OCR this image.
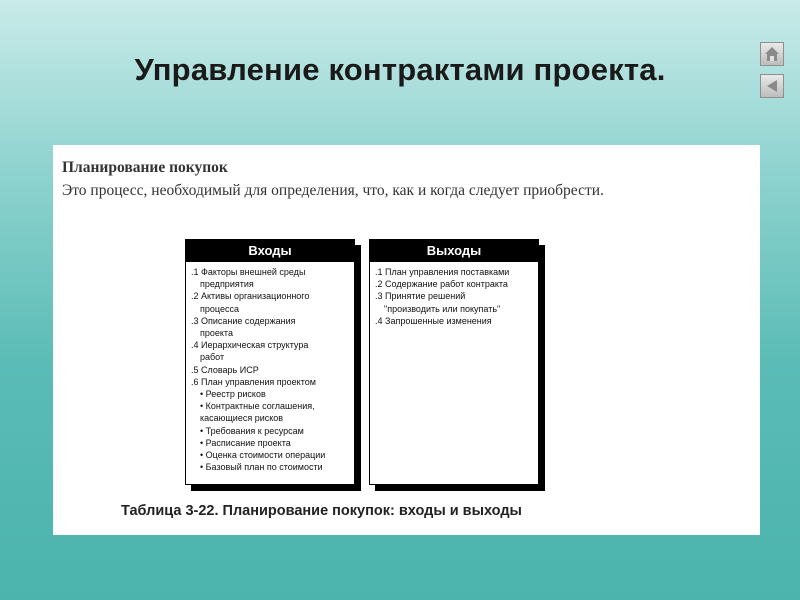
Управление контрактами проекта.
Планирование покупок
Это процесс, необходимый для определения, что, как и когда следует приобрести.
Входы
.1 Факторы внешней среды
предприятия
.2 Активы организационного
процесса
.3 Описание содержания
проекта
.4 Иерархическая структура
работ
.5 Словарь ИСР
.6 План управления проектом
• Реестр рисков
• Контрактные соглашения,
касающиеся рисков
• Требования к ресурсам
• Расписание проекта
• Оценка стоимости операции
• Базовый план по стоимости
Выходы
.1 План управления поставками
.2 Содержание работ контракта
.3 Принятие решений
"производить или покупать"
.4 Запрошенные изменения
Таблица 3-22. Планирование покупок: входы и выходы
